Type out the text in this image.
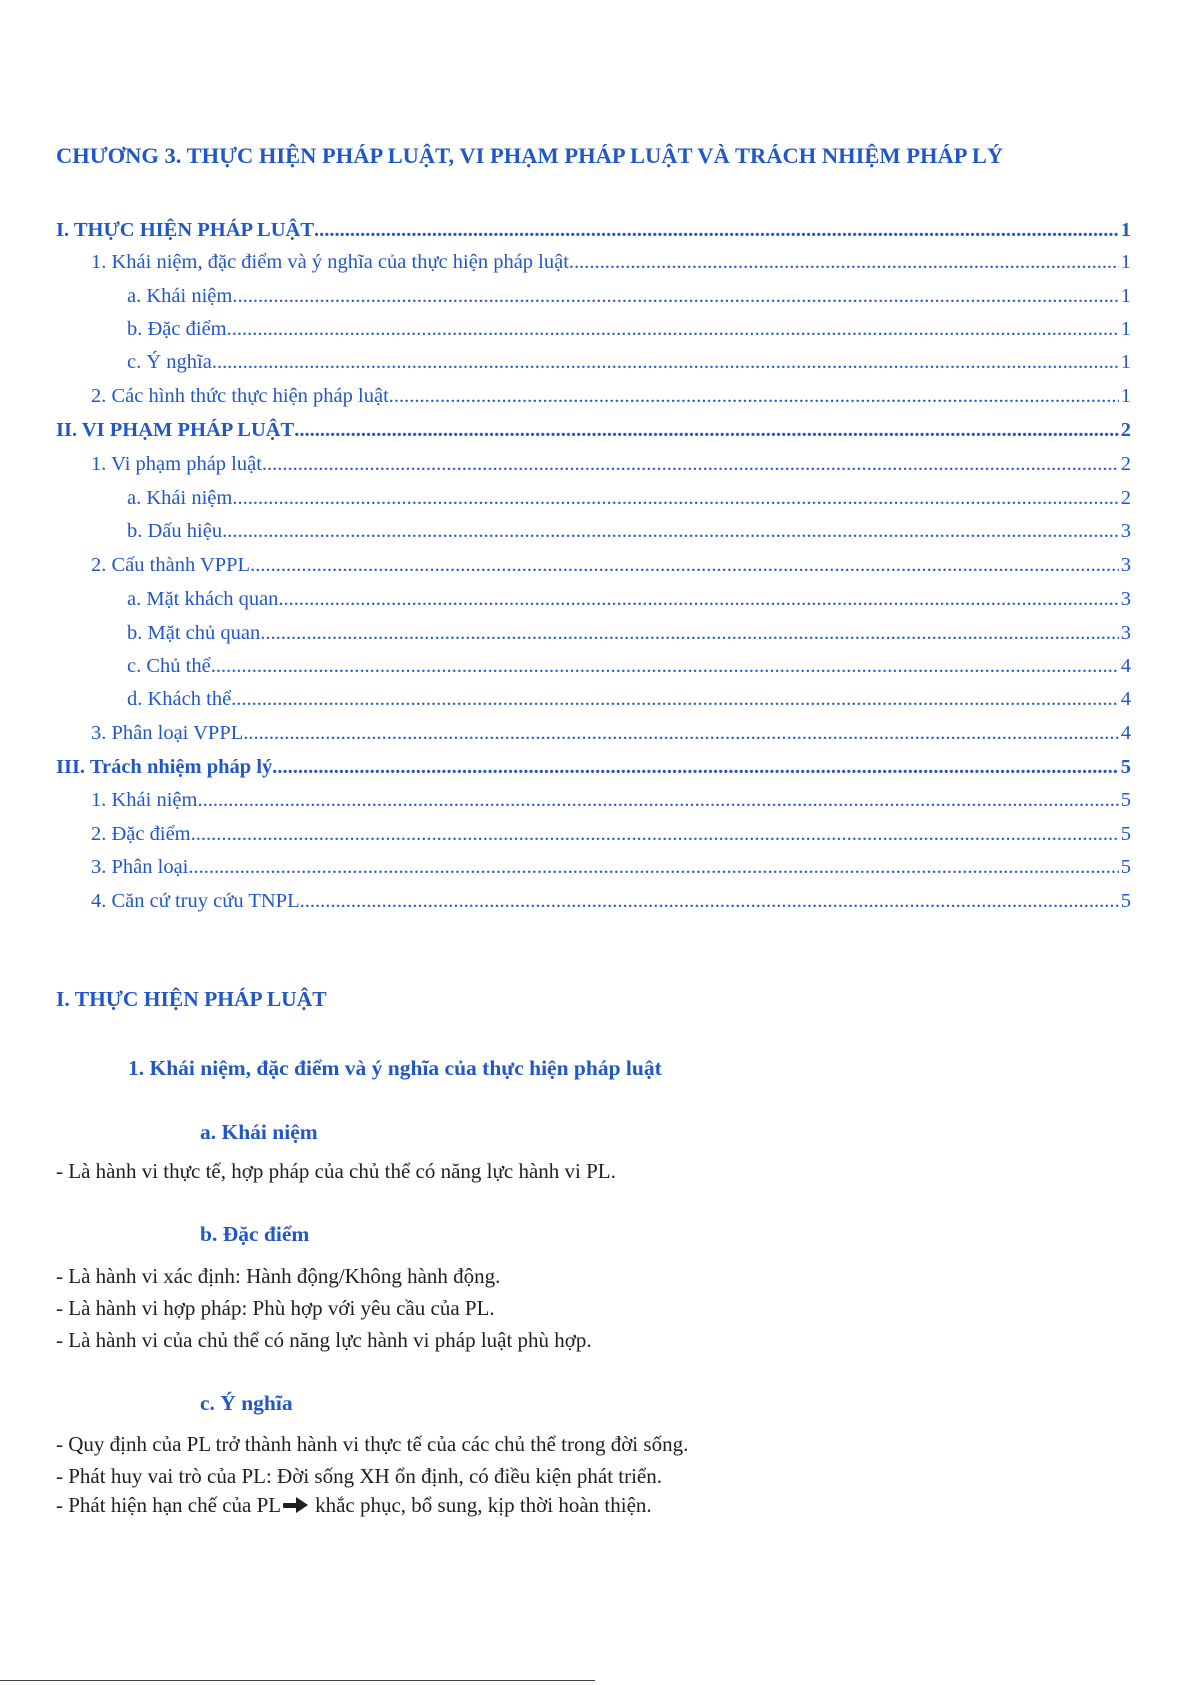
CHƯƠNG 3. THỰC HIỆN PHÁP LUẬT, VI PHẠM PHÁP LUẬT VÀ TRÁCH NHIỆM PHÁP LÝ
I. THỰC HIỆN PHÁP LUẬT .....	1
1. Khái niệm, đặc điểm và ý nghĩa của thực hiện pháp luật .....	1
a. Khái niệm .....	1
b. Đặc điểm .....	1
c. Ý nghĩa .....	1
2. Các hình thức thực hiện pháp luật .....	1
II. VI PHẠM PHÁP LUẬT .....	2
1. Vi phạm pháp luật .....	2
a. Khái niệm .....	2
b. Dấu hiệu .....	3
2. Cấu thành VPPL .....	3
a. Mặt khách quan .....	3
b. Mặt chủ quan .....	3
c. Chủ thể .....	4
d. Khách thể .....	4
3. Phân loại VPPL .....	4
III. Trách nhiệm pháp lý .....	5
1. Khái niệm .....	5
2. Đặc điểm .....	5
3. Phân loại .....	5
4. Căn cứ truy cứu TNPL .....	5
I. THỰC HIỆN PHÁP LUẬT
1. Khái niệm, đặc điểm và ý nghĩa của thực hiện pháp luật
a. Khái niệm
- Là hành vi thực tế, hợp pháp của chủ thể có năng lực hành vi PL.
b. Đặc điểm
- Là hành vi xác định: Hành động/Không hành động.
- Là hành vi hợp pháp: Phù hợp với yêu cầu của PL.
- Là hành vi của chủ thể có năng lực hành vi pháp luật phù hợp.
c. Ý nghĩa
- Quy định của PL trở thành hành vi thực tế của các chủ thể trong đời sống.
- Phát huy vai trò của PL: Đời sống XH ổn định, có điều kiện phát triển.
- Phát hiện hạn chế của PL khắc phục, bổ sung, kịp thời hoàn thiện.
